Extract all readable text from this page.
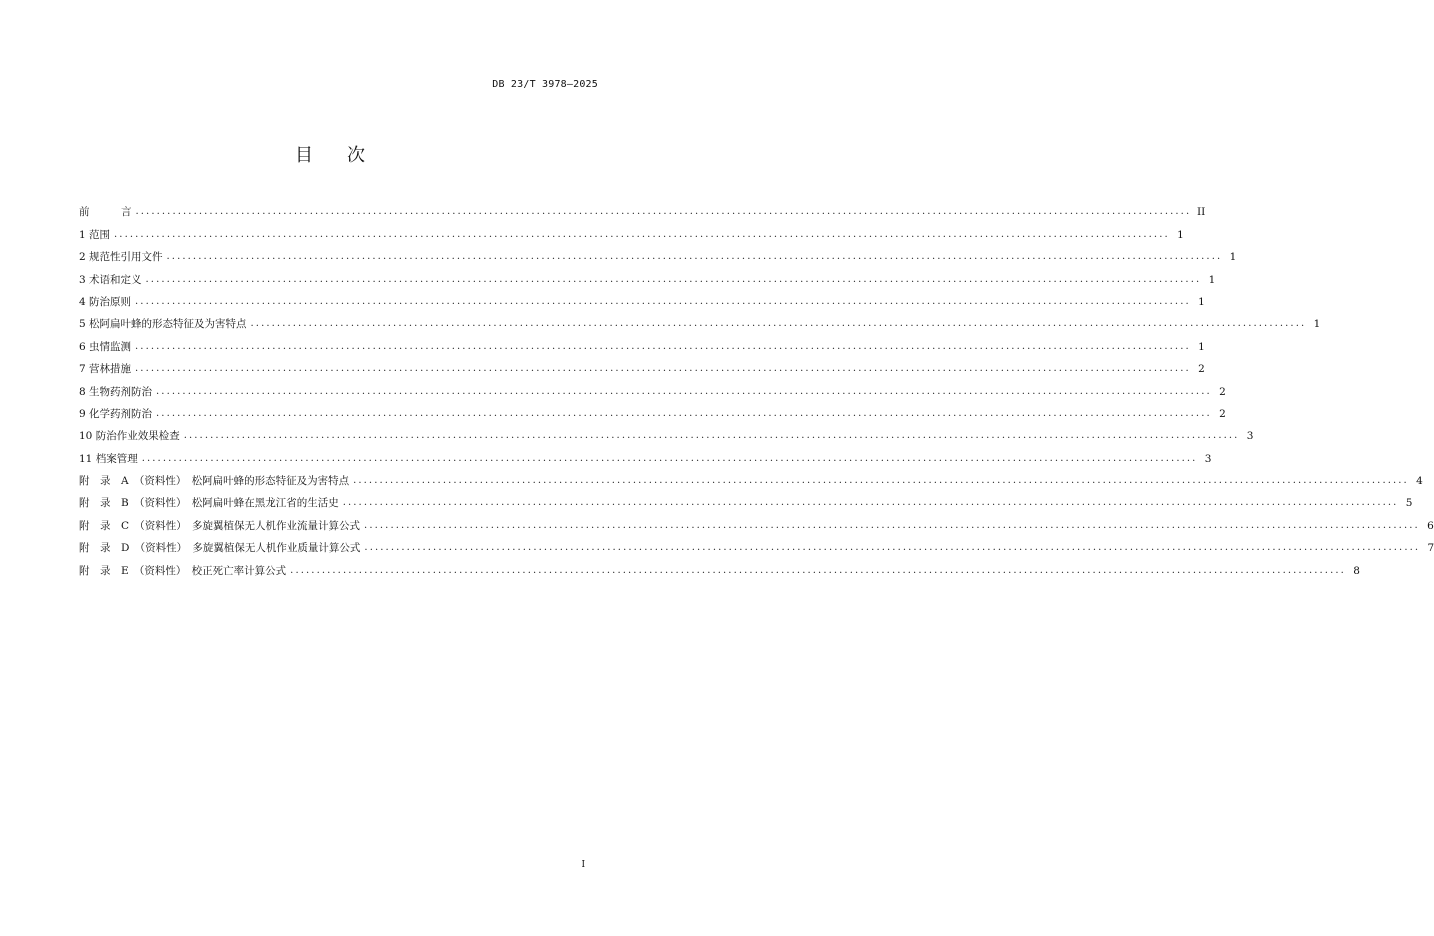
DB 23/T 3978—2025
目 次
前　　　言 ........................................................................................................................................................................................................ II
1 范围 ........................................................................................................................................................................................................ 1
2 规范性引用文件 ........................................................................................................................................................................................................ 1
3 术语和定义 ........................................................................................................................................................................................................ 1
4 防治原则 ........................................................................................................................................................................................................ 1
5 松阿扁叶蜂的形态特征及为害特点 ........................................................................................................................................................................................................ 1
6 虫情监测 ........................................................................................................................................................................................................ 1
7 营林措施 ........................................................................................................................................................................................................ 2
8 生物药剂防治 ........................................................................................................................................................................................................ 2
9 化学药剂防治 ........................................................................................................................................................................................................ 2
10 防治作业效果检查 ........................................................................................................................................................................................................ 3
11 档案管理 ........................................................................................................................................................................................................ 3
附　录　A　（资料性）　松阿扁叶蜂的形态特征及为害特点 ........................................................................................................................................................................................................ 4
附　录　B　（资料性）　松阿扁叶蜂在黑龙江省的生活史 ........................................................................................................................................................................................................ 5
附　录　C　（资料性）　多旋翼植保无人机作业流量计算公式 ........................................................................................................................................................................................................ 6
附　录　D　（资料性）　多旋翼植保无人机作业质量计算公式 ........................................................................................................................................................................................................ 7
附　录　E　（资料性）　校正死亡率计算公式 ........................................................................................................................................................................................................ 8
I
